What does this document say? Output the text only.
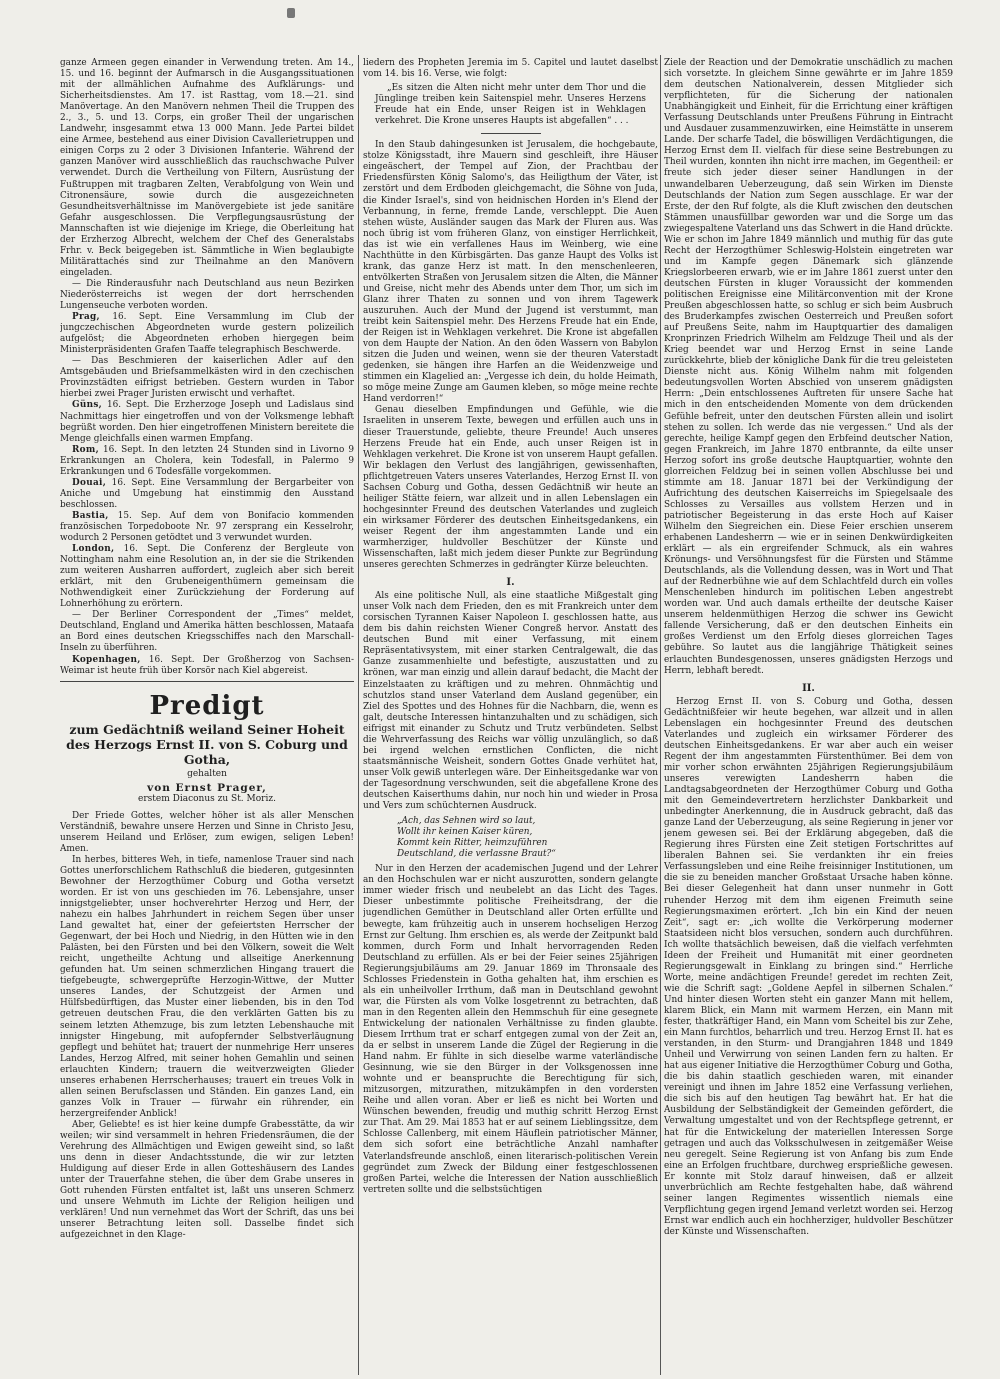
ganze Armeen gegen einander in Verwendung treten. Am 14., 15. und 16. beginnt der Aufmarsch in die Ausgangssituationen mit der allmählichen Aufnahme des Aufklärungs- und Sicherheitsdienstes. Am 17. ist Rasttag, vom 18.—21. sind Manövertage. An den Manövern nehmen Theil die Truppen des 2., 3., 5. und 13. Corps, ein großer Theil der ungarischen Landwehr, insgesammt etwa 13 000 Mann. Jede Partei bildet eine Armee, bestehend aus einer Division Cavallerietruppen und einigen Corps zu 2 oder 3 Divisionen Infanterie. Während der ganzen Manöver wird ausschließlich das rauchschwache Pulver verwendet. Durch die Vertheilung von Filtern, Ausrüstung der Fußtruppen mit tragbaren Zelten, Verabfolgung von Wein und Citronensäure, sowie durch die ausgezeichneten Gesundheitsverhältnisse im Manövergebiete ist jede sanitäre Gefahr ausgeschlossen. Die Verpflegungsausrüstung der Mannschaften ist wie diejenige im Kriege, die Oberleitung hat der Erzherzog Albrecht, welchem der Chef des Generalstabs Frhr. v. Beck beigegeben ist. Sämmtliche in Wien beglaubigte Militärattachés sind zur Theilnahme an den Manövern eingeladen.

— Die Rinderausfuhr nach Deutschland aus neun Bezirken Niederösterreichs ist wegen der dort herrschenden Lungenseuche verboten worden.

Prag, 16. Sept. Eine Versammlung im Club der jungczechischen Abgeordneten wurde gestern polizeilich aufgelöst; die Abgeordneten erhoben hiergegen beim Ministerpräsidenten Grafen Taaffe telegraphisch Beschwerde.

— Das Beschmieren der kaiserlichen Adler auf den Amtsgebäuden und Briefsammelkästen wird in den czechischen Provinzstädten eifrigst betrieben. Gestern wurden in Tabor hierbei zwei Prager Juristen erwischt und verhaftet.

Güns, 16. Sept. Die Erzherzoge Joseph und Ladislaus sind Nachmittags hier eingetroffen und von der Volksmenge lebhaft begrüßt worden. Den hier eingetroffenen Ministern bereitete die Menge gleichfalls einen warmen Empfang.

Rom, 16. Sept. In den letzten 24 Stunden sind in Livorno 9 Erkrankungen an Cholera, kein Todesfall, in Palermo 9 Erkrankungen und 6 Todesfälle vorgekommen.

Douai, 16. Sept. Eine Versammlung der Bergarbeiter von Aniche und Umgebung hat einstimmig den Ausstand beschlossen.

Bastia, 15. Sep. Auf dem von Bonifacio kommenden französischen Torpedoboote Nr. 97 zersprang ein Kesselrohr, wodurch 2 Personen getödtet und 3 verwundet wurden.

London, 16. Sept. Die Conferenz der Bergleute von Nottingham nahm eine Resolution an, in der sie die Strikenden zum weiteren Ausharren auffordert, zugleich aber sich bereit erklärt, mit den Grubeneigenthümern gemeinsam die Nothwendigkeit einer Zurückziehung der Forderung auf Lohnerhöhung zu erörtern.

— Der Berliner Correspondent der „Times“ meldet, Deutschland, England und Amerika hätten beschlossen, Mataafa an Bord eines deutschen Kriegsschiffes nach den Marschall-Inseln zu überführen.

Kopenhagen, 16. Sept. Der Großherzog von Sachsen-Weimar ist heute früh über Korsör nach Kiel abgereist.

Predigt
zum Gedächtniß weiland Seiner Hoheit des Herzogs Ernst II. von S. Coburg und Gotha,
gehalten
von Ernst Prager,
erstem Diaconus zu St. Moriz.

Der Friede Gottes, welcher höher ist als aller Menschen Verständniß, bewahre unsere Herzen und Sinne in Christo Jesu, unserem Heiland und Erlöser, zum ewigen, seligen Leben! Amen.

In herbes, bitteres Weh, in tiefe, namenlose Trauer sind nach Gottes unerforschlichem Rathschluß die biederen, gutgesinnten Bewohner der Herzogthümer Coburg und Gotha versetzt worden. Er ist von uns geschieden im 76. Lebensjahre, unser innigstgeliebter, unser hochverehrter Herzog und Herr, der nahezu ein halbes Jahrhundert in reichem Segen über unser Land gewaltet hat, einer der gefeiertsten Herrscher der Gegenwart, der bei Hoch und Niedrig, in den Hütten wie in den Palästen, bei den Fürsten und bei den Völkern, soweit die Welt reicht, ungetheilte Achtung und allseitige Anerkennung gefunden hat. Um seinen schmerzlichen Hingang trauert die tiefgebeugte, schwergeprüfte Herzogin-Wittwe, der Mutter unseres Landes, der Schutzgeist der Armen und Hülfsbedürftigen, das Muster einer liebenden, bis in den Tod getreuen deutschen Frau, die den verklärten Gatten bis zu seinem letzten Athemzuge, bis zum letzten Lebenshauche mit innigster Hingebung, mit aufopfernder Selbstverläugnung gepflegt und behütet hat; trauert der nunmehrige Herr unseres Landes, Herzog Alfred, mit seiner hohen Gemahlin und seinen erlauchten Kindern; trauern die weitverzweigten Glieder unseres erhabenen Herrscherhauses; trauert ein treues Volk in allen seinen Berufsclassen und Ständen. Ein ganzes Land, ein ganzes Volk in Trauer — fürwahr ein rührender, ein herzergreifender Anblick!

Aber, Geliebte! es ist hier keine dumpfe Grabesstätte, da wir weilen; wir sind versammelt in hehren Friedensräumen, die der Verehrung des Allmächtigen und Ewigen geweiht sind, so laßt uns denn in dieser Andachtsstunde, die wir zur letzten Huldigung auf dieser Erde in allen Gotteshäusern des Landes unter der Trauerfahne stehen, die über dem Grabe unseres in Gott ruhenden Fürsten entfaltet ist, laßt uns unseren Schmerz und unsere Wehmuth im Lichte der Religion heiligen und verklären! Und nun vernehmet das Wort der Schrift, das uns bei unserer Betrachtung leiten soll. Dasselbe findet sich aufgezeichnet in den Klage-

liedern des Propheten Jeremia im 5. Capitel und lautet daselbst vom 14. bis 16. Verse, wie folgt:

„Es sitzen die Alten nicht mehr unter dem Thor und die Jünglinge treiben kein Saitenspiel mehr. Unseres Herzens Freude hat ein Ende, unser Reigen ist in Wehklagen verkehret. Die Krone unseres Haupts ist abgefallen“ . . .

In den Staub dahingesunken ist Jerusalem, die hochgebaute, stolze Königsstadt, ihre Mauern sind geschleift, ihre Häuser eingeäschert, der Tempel auf Zion, der Prachtbau der Friedensfürsten König Salomo's, das Heiligthum der Väter, ist zerstört und dem Erdboden gleichgemacht, die Söhne von Juda, die Kinder Israel's, sind von heidnischen Horden in's Elend der Verbannung, in ferne, fremde Lande, verschleppt. Die Auen stehen wüste, Ausländer saugen das Mark der Fluren aus. Was noch übrig ist vom früheren Glanz, von einstiger Herrlichkeit, das ist wie ein verfallenes Haus im Weinberg, wie eine Nachthütte in den Kürbisgärten. Das ganze Haupt des Volks ist krank, das ganze Herz ist matt. In den menschenleeren, entvölkerten Straßen von Jerusalem sitzen die Alten, die Männer und Greise, nicht mehr des Abends unter dem Thor, um sich im Glanz ihrer Thaten zu sonnen und von ihrem Tagewerk auszuruhen. Auch der Mund der Jugend ist verstummt, man treibt kein Saitenspiel mehr. Des Herzens Freude hat ein Ende, der Reigen ist in Wehklagen verkehret. Die Krone ist abgefallen von dem Haupte der Nation. An den öden Wassern von Babylon sitzen die Juden und weinen, wenn sie der theuren Vaterstadt gedenken, sie hängen ihre Harfen an die Weidenzweige und stimmen ein Klagelied an: „Vergesse ich dein, du holde Heimath, so möge meine Zunge am Gaumen kleben, so möge meine rechte Hand verdorren!“

Genau dieselben Empfindungen und Gefühle, wie die Israeliten in unserem Texte, bewegen und erfüllen auch uns in dieser Trauerstunde, geliebte, theure Freunde! Auch unseres Herzens Freude hat ein Ende, auch unser Reigen ist in Wehklagen verkehret. Die Krone ist von unserem Haupt gefallen. Wir beklagen den Verlust des langjährigen, gewissenhaften, pflichtgetreuen Vaters unseres Vaterlandes, Herzog Ernst II. von Sachsen Coburg und Gotha, dessen Gedächtniß wir heute an heiliger Stätte feiern, war allzeit und in allen Lebenslagen ein hochgesinnter Freund des deutschen Vaterlandes und zugleich ein wirksamer Förderer des deutschen Einheitsgedankens, ein weiser Regent der ihm angestammten Lande und ein warmherziger, huldvoller Beschützer der Künste und Wissenschaften, laßt mich jedem dieser Punkte zur Begründung unseres gerechten Schmerzes in gedrängter Kürze beleuchten.

I.

Als eine politische Null, als eine staatliche Mißgestalt ging unser Volk nach dem Frieden, den es mit Frankreich unter dem corsischen Tyrannen Kaiser Napoleon I. geschlossen hatte, aus dem bis dahin reichsten Wiener Congreß hervor. Anstatt des deutschen Bund mit einer Verfassung, mit einem Repräsentativsystem, mit einer starken Centralgewalt, die das Ganze zusammenhielte und befestigte, auszustatten und zu krönen, war man einzig und allein darauf bedacht, die Macht der Einzelstaaten zu kräftigen und zu mehren. Ohnmächtig und schutzlos stand unser Vaterland dem Ausland gegenüber, ein Ziel des Spottes und des Hohnes für die Nachbarn, die, wenn es galt, deutsche Interessen hintanzuhalten und zu schädigen, sich eifrigst mit einander zu Schutz und Trutz verbündeten. Selbst die Wehrverfassung des Reichs war völlig unzulänglich, so daß bei irgend welchen ernstlichen Conflicten, die nicht staatsmännische Weisheit, sondern Gottes Gnade verhütet hat, unser Volk gewiß unterlegen wäre. Der Einheitsgedanke war von der Tagesordnung verschwunden, seit die abgefallene Krone des deutschen Kaiserthums dahin, nur noch hin und wieder in Prosa und Vers zum schüchternen Ausdruck.

„Ach, das Sehnen wird so laut,
Wollt ihr keinen Kaiser küren,
Kommt kein Ritter, heimzuführen
Deutschland, die verlassne Braut?“

Nur in den Herzen der academischen Jugend und der Lehrer an den Hochschulen war er nicht auszurotten, sondern gelangte immer wieder frisch und neubelebt an das Licht des Tages. Dieser unbestimmte politische Freiheitsdrang, der die jugendlichen Gemüther in Deutschland aller Orten erfüllte und bewegte, kam frühzeitig auch in unserem hochseligen Herzog Ernst zur Geltung. Ihm erschien es, als werde der Zeitpunkt bald kommen, durch Form und Inhalt hervorragenden Reden Deutschland zu erfüllen. Als er bei der Feier seines 25jährigen Regierungsjubiläums am 29. Januar 1869 im Thronsaale des Schlosses Friedenstein in Gotha gehalten hat, ihm erschien es als ein unheilvoller Irrthum, daß man in Deutschland gewohnt war, die Fürsten als vom Volke losgetrennt zu betrachten, daß man in den Regenten allein den Hemmschuh für eine gesegnete Entwickelung der nationalen Verhältnisse zu finden glaubte. Diesem Irrthum trat er scharf entgegen zumal von der Zeit an, da er selbst in unserem Lande die Zügel der Regierung in die Hand nahm. Er fühlte in sich dieselbe warme vaterländische Gesinnung, wie sie den Bürger in der Volksgenossen inne wohnte und er beanspruchte die Berechtigung für sich, mitzusorgen, mitzurathen, mitzukämpfen in den vordersten Reihe und allen voran. Aber er ließ es nicht bei Worten und Wünschen bewenden, freudig und muthig schritt Herzog Ernst zur That. Am 29. Mai 1853 hat er auf seinem Lieblingssitze, dem Schlosse Callenberg, mit einem Häuflein patriotischer Männer, dem sich sofort eine beträchtliche Anzahl namhafter Vaterlandsfreunde anschloß, einen literarisch-politischen Verein gegründet zum Zweck der Bildung einer festgeschlossenen großen Partei, welche die Interessen der Nation ausschließlich vertreten sollte und die selbstsüchtigen

Ziele der Reaction und der Demokratie unschädlich zu machen sich vorsetzte. In gleichem Sinne gewährte er im Jahre 1859 dem deutschen Nationalverein, dessen Mitglieder sich verpflichteten, für die Sicherung der nationalen Unabhängigkeit und Einheit, für die Errichtung einer kräftigen Verfassung Deutschlands unter Preußens Führung in Eintracht und Ausdauer zusammenzuwirken, eine Heimstätte in unserem Lande. Der scharfe Tadel, die böswilligen Verdächtigungen, die Herzog Ernst dem II. vielfach für diese seine Bestrebungen zu Theil wurden, konnten ihn nicht irre machen, im Gegentheil: er freute sich jeder dieser seiner Handlungen in der unwandelbaren Ueberzeugung, daß sein Wirken im Dienste Deutschlands der Nation zum Segen ausschlage. Er war der Erste, der den Ruf folgte, als die Kluft zwischen den deutschen Stämmen unausfüllbar geworden war und die Sorge um das zwiegespaltene Vaterland uns das Schwert in die Hand drückte. Wie er schon im Jahre 1849 männlich und muthig für das gute Recht der Herzogthümer Schleswig-Holstein eingetreten war und im Kampfe gegen Dänemark sich glänzende Kriegslorbeeren erwarb, wie er im Jahre 1861 zuerst unter den deutschen Fürsten in kluger Voraussicht der kommenden politischen Ereignisse eine Militärconvention mit der Krone Preußen abgeschlossen hatte, so schlug er sich beim Ausbruch des Bruderkampfes zwischen Oesterreich und Preußen sofort auf Preußens Seite, nahm im Hauptquartier des damaligen Kronprinzen Friedrich Wilhelm am Feldzuge Theil und als der Krieg beendet war und Herzog Ernst in seine Lande zurückkehrte, blieb der königliche Dank für die treu geleisteten Dienste nicht aus. König Wilhelm nahm mit folgenden bedeutungsvollen Worten Abschied von unserem gnädigsten Herrn: „Dein entschlossenes Auftreten für unsere Sache hat mich in den entscheidenden Momente von dem drückenden Gefühle befreit, unter den deutschen Fürsten allein und isolirt stehen zu sollen. Ich werde das nie vergessen.“ Und als der gerechte, heilige Kampf gegen den Erbfeind deutscher Nation, gegen Frankreich, im Jahre 1870 entbrannte, da eilte unser Herzog sofort ins große deutsche Hauptquartier, wohnte den glorreichen Feldzug bei in seinen vollen Abschlusse bei und stimmte am 18. Januar 1871 bei der Verkündigung der Aufrichtung des deutschen Kaiserreichs im Spiegelsaale des Schlosses zu Versailles aus vollstem Herzen und in patriotischer Begeisterung in das erste Hoch auf Kaiser Wilhelm den Siegreichen ein. Diese Feier erschien unserem erhabenen Landesherrn — wie er in seinen Denkwürdigkeiten erklärt — als ein ergreifender Schmuck, als ein wahres Krönungs- und Versöhnungsfest für die Fürsten und Stämme Deutschlands, als die Vollendung dessen, was in Wort und That auf der Rednerbühne wie auf dem Schlachtfeld durch ein volles Menschenleben hindurch im politischen Leben angestrebt worden war. Und auch damals ertheilte der deutsche Kaiser unserem heldenmüthigen Herzog die schwer ins Gewicht fallende Versicherung, daß er den deutschen Einheits ein großes Verdienst um den Erfolg dieses glorreichen Tages gebühre. So lautet aus die langjährige Thätigkeit seines erlauchten Bundesgenossen, unseres gnädigsten Herzogs und Herrn, lebhaft beredt.

II.

Herzog Ernst II. von S. Coburg und Gotha, dessen Gedächtnißfeier wir heute begehen, war allzeit und in allen Lebenslagen ein hochgesinnter Freund des deutschen Vaterlandes und zugleich ein wirksamer Förderer des deutschen Einheitsgedankens. Er war aber auch ein weiser Regent der ihm angestammten Fürstenthümer. Bei dem von mir vorher schon erwähnten 25jährigen Regierungsjubiläum unseres verewigten Landesherrn haben die Landtagsabgeordneten der Herzogthümer Coburg und Gotha mit den Gemeindevertretern herzlichster Dankbarkeit und unbedingter Anerkennung, die in Ausdruck gebracht, daß das ganze Land der Ueberzeugung, als seine Regierung in jener vor jenem gewesen sei. Bei der Erklärung abgegeben, daß die Regierung ihres Fürsten eine Zeit stetigen Fortschrittes auf liberalen Bahnen sei. Sie verdankten ihr ein freies Verfassungsleben und eine Reihe freisinniger Institutionen, um die sie zu beneiden mancher Großstaat Ursache haben könne. Bei dieser Gelegenheit hat dann unser nunmehr in Gott ruhender Herzog mit dem ihm eigenen Freimuth seine Regierungsmaximen erörtert. „Ich bin ein Kind der neuen Zeit“, sagt er: „ich wollte die Verkörperung moderner Staatsideen nicht blos versuchen, sondern auch durchführen. Ich wollte thatsächlich beweisen, daß die vielfach verfehmten Ideen der Freiheit und Humanität mit einer geordneten Regierungsgewalt in Einklang zu bringen sind.“ Herrliche Worte, meine andächtigen Freunde! geredet im rechten Zeit, wie die Schrift sagt: „Goldene Aepfel in silbernen Schalen.“ Und hinter diesen Worten steht ein ganzer Mann mit hellem, klarem Blick, ein Mann mit warmem Herzen, ein Mann mit fester, thatkräftiger Hand, ein Mann vom Scheitel bis zur Zehe, ein Mann furchtlos, beharrlich und treu. Herzog Ernst II. hat es verstanden, in den Sturm- und Drangjahren 1848 und 1849 Unheil und Verwirrung von seinen Landen fern zu halten. Er hat aus eigener Initiative die Herzogthümer Coburg und Gotha, die bis dahin staatlich geschieden waren, mit einander vereinigt und ihnen im Jahre 1852 eine Verfassung verliehen, die sich bis auf den heutigen Tag bewährt hat. Er hat die Ausbildung der Selbständigkeit der Gemeinden gefördert, die Verwaltung umgestaltet und von der Rechtspflege getrennt, er hat für die Entwickelung der materiellen Interessen Sorge getragen und auch das Volksschulwesen in zeitgemäßer Weise neu geregelt. Seine Regierung ist von Anfang bis zum Ende eine an Erfolgen fruchtbare, durchweg ersprießliche gewesen. Er konnte mit Stolz darauf hinweisen, daß er allzeit unverbrüchlich am Rechte festgehalten habe, daß während seiner langen Regimentes wissentlich niemals eine Verpflichtung gegen irgend Jemand verletzt worden sei. Herzog Ernst war endlich auch ein hochherziger, huldvoller Beschützer der Künste und Wissenschaften.
